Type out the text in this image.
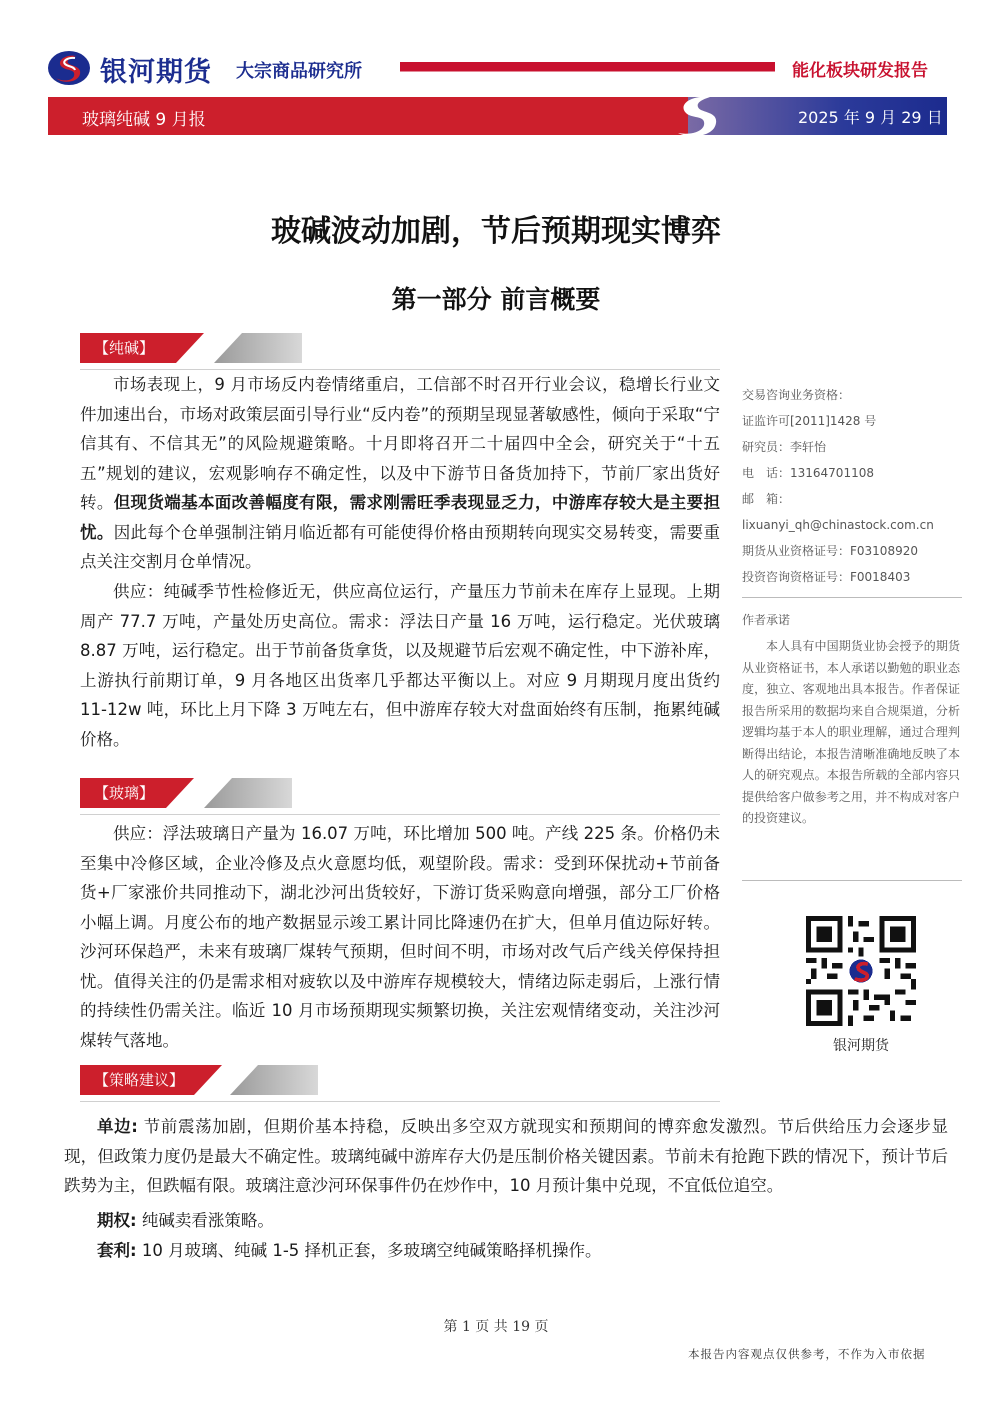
银河期货 大宗商品研究所	能化板块研发报告
玻璃纯碱 9 月报	2025 年 9 月 29 日
玻碱波动加剧，节后预期现实博弈
第一部分 前言概要
【纯碱】
市场表现上，9 月市场反内卷情绪重启，工信部不时召开行业会议，稳增长行业文件加速出台，市场对政策层面引导行业“反内卷”的预期呈现显著敏感性，倾向于采取“宁信其有、不信其无”的风险规避策略。十月即将召开二十届四中全会，研究关于“十五五”规划的建议，宏观影响存不确定性，以及中下游节日备货加持下，节前厂家出货好转。但现货端基本面改善幅度有限，需求刚需旺季表现显乏力，中游库存较大是主要担忧。因此每个仓单强制注销月临近都有可能使得价格由预期转向现实交易转变，需要重点关注交割月仓单情况。
供应：纯碱季节性检修近无，供应高位运行，产量压力节前未在库存上显现。上期周产 77.7 万吨，产量处历史高位。需求：浮法日产量 16 万吨，运行稳定。光伏玻璃 8.87 万吨，运行稳定。出于节前备货拿货，以及规避节后宏观不确定性，中下游补库，上游执行前期订单，9 月各地区出货率几乎都达平衡以上。对应 9 月期现月度出货约 11-12w 吨，环比上月下降 3 万吨左右，但中游库存较大对盘面始终有压制，拖累纯碱价格。
【玻璃】
供应：浮法玻璃日产量为 16.07 万吨，环比增加 500 吨。产线 225 条。价格仍未至集中冷修区域，企业冷修及点火意愿均低，观望阶段。需求：受到环保扰动+节前备货+厂家涨价共同推动下，湖北沙河出货较好，下游订货采购意向增强，部分工厂价格小幅上调。月度公布的地产数据显示竣工累计同比降速仍在扩大，但单月值边际好转。沙河环保趋严，未来有玻璃厂煤转气预期，但时间不明，市场对改气后产线关停保持担忧。值得关注的仍是需求相对疲软以及中游库存规模较大，情绪边际走弱后，上涨行情的持续性仍需关注。临近 10 月市场预期现实频繁切换，关注宏观情绪变动，关注沙河煤转气落地。
【策略建议】
单边: 节前震荡加剧，但期价基本持稳，反映出多空双方就现实和预期间的博弈愈发激烈。节后供给压力会逐步显现，但政策力度仍是最大不确定性。玻璃纯碱中游库存大仍是压制价格关键因素。节前未有抢跑下跌的情况下，预计节后跌势为主，但跌幅有限。玻璃注意沙河环保事件仍在炒作中，10 月预计集中兑现，不宜低位追空。
期权: 纯碱卖看涨策略。
套利: 10 月玻璃、纯碱 1-5 择机正套，多玻璃空纯碱策略择机操作。
交易咨询业务资格：
证监许可[2011]1428 号
研究员：李轩怡
电　话：13164701108
邮　箱：
lixuanyi_qh@chinastock.com.cn
期货从业资格证号：F03108920
投资咨询资格证号：F0018403
作者承诺
本人具有中国期货业协会授予的期货从业资格证书，本人承诺以勤勉的职业态度，独立、客观地出具本报告。作者保证报告所采用的数据均来自合规渠道，分析逻辑均基于本人的职业理解，通过合理判断得出结论，本报告清晰准确地反映了本人的研究观点。本报告所载的全部内容只提供给客户做参考之用，并不构成对客户的投资建议。
银河期货
第 1 页 共 19 页
本报告内容观点仅供参考，不作为入市依据
